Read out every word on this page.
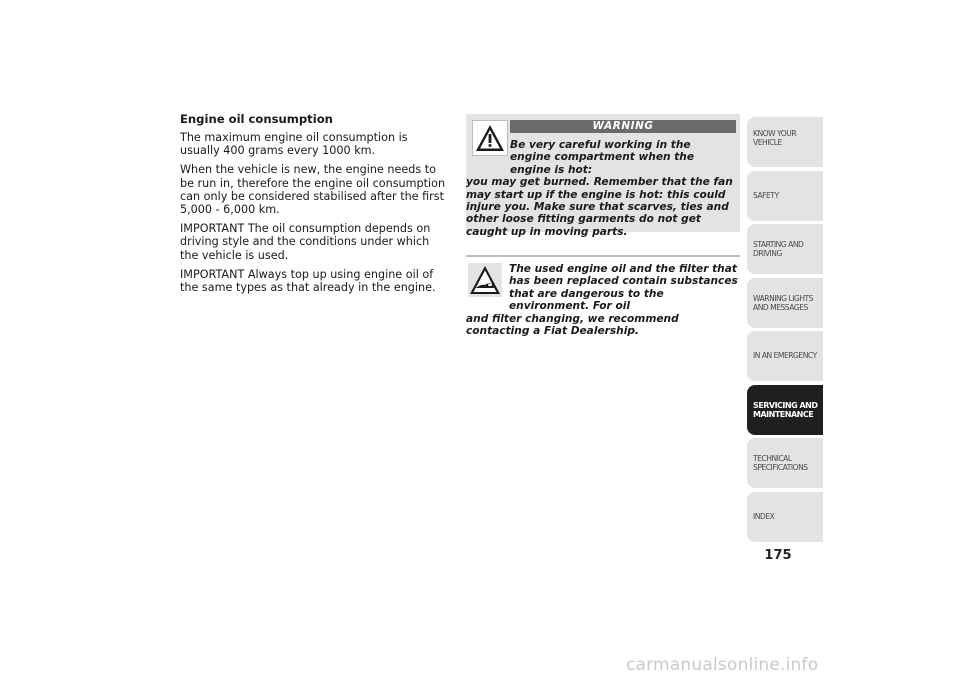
Engine oil consumption

The maximum engine oil consumption is usually 400 grams every 1000 km.

When the vehicle is new, the engine needs to be run in, therefore the engine oil consumption can only be considered stabilised after the first 5,000 - 6,000 km.

IMPORTANT The oil consumption depends on driving style and the conditions under which the vehicle is used.

IMPORTANT Always top up using engine oil of the same types as that already in the engine.

WARNING
Be very careful working in the engine compartment when the engine is hot:
you may get burned. Remember that the fan may start up if the engine is hot: this could injure you. Make sure that scarves, ties and other loose fitting garments do not get caught up in moving parts.
The used engine oil and the filter that has been replaced contain substances that are dangerous to the environment. For oil
and filter changing, we recommend contacting a Fiat Dealership.
KNOW YOUR VEHICLE
SAFETY
STARTING AND DRIVING
WARNING LIGHTS AND MESSAGES
IN AN EMERGENCY
SERVICING AND MAINTENANCE
TECHNICAL SPECIFICATIONS
INDEX
175
carmanualsonline.info
